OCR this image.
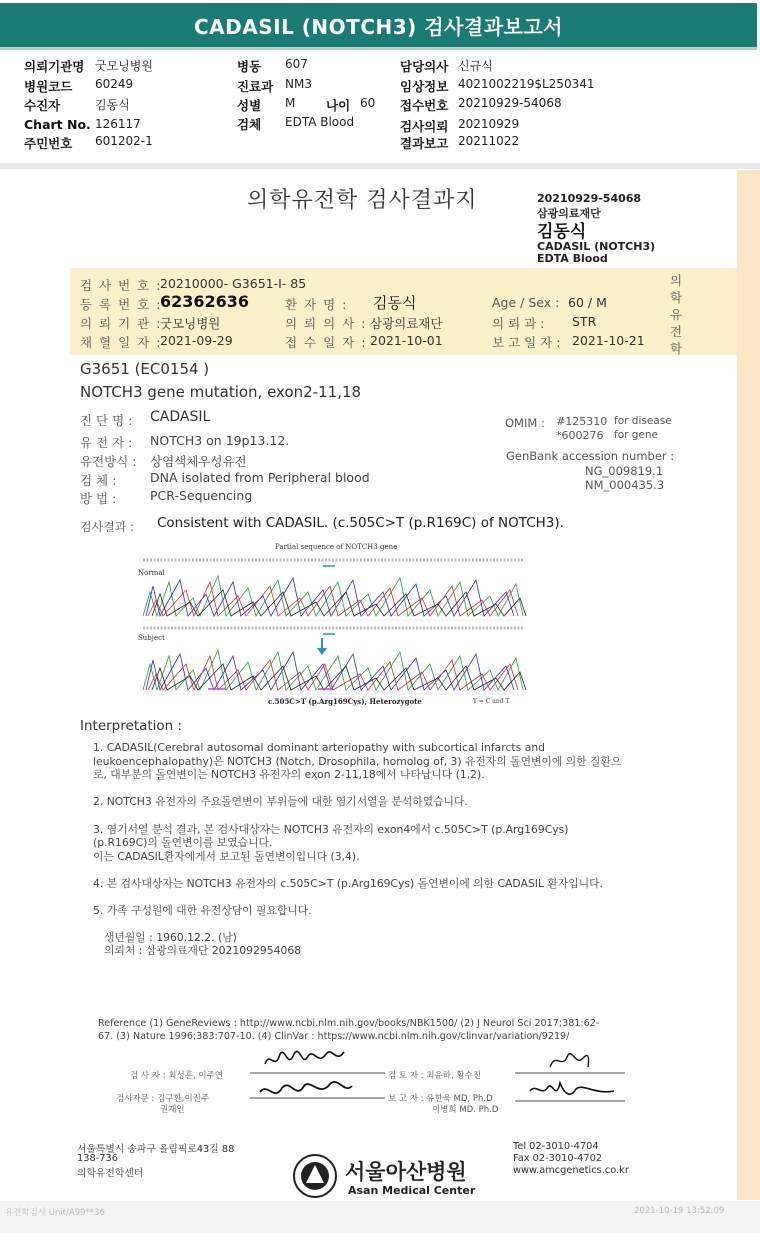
CADASIL (NOTCH3) 검사결과보고서
의뢰기관명 굿모닝병원	병동 607	담당의사 신규식
병원코드 60249	진료과 NM3	임상정보 4021002219$L250341
수진자	김동식	성별 M 나이 60 접수번호 20210929-54068
Chart No. 126117	검체 EDTA Blood	검사의뢰 20210929
주민번호 601202-1	결과보고 20211022
의학유전학 검사결과지	20210929-54068
삼광의료재단
김동식
CADASIL (NOTCH3)
EDTA Blood
의학유전학
검 사 번 호 :
20210000- G3651-I- 85
등 록 번 호 :
62362636	환 자 명 : 김동식	Age / Sex : 60 / M
의 뢰 기 관 :
굿모닝병원	의 뢰 의 사 : 삼광의료재단	의 뢰 과 : STR
채 혈 일 자 :
2021-09-29	접 수 일 자 : 2021-10-01	보 고 일 자 : 2021-10-21
G3651 (EC0154 )
NOTCH3 gene mutation, exon2-11,18
진 단 명 : CADASIL
유 전 자 : NOTCH3 on 19p13.12.
유전방식 : 상염색체우성유전
검 체 :	DNA isolated from Peripheral blood
방 법 :	PCR-Sequencing
OMIM : #125310 for disease
*600276 for gene
GenBank accession number :
NG_009819.1
NM_000435.3
검사결과 : Consistent with CADASIL. (c.505C>T (p.R169C) of NOTCH3).
Partial sequence of NOTCH3 gene
Normal
Subject
c.505C>T (p.Arg169Cys), Heterozygote	Y = C and T
Interpretation :
1. CADASIL(Cerebral autosomal dominant arteriopathy with subcortical infarcts and
leukoencephalopathy)은 NOTCH3 (Notch, Drosophila, homolog of, 3) 유전자의 돌연변이에 의한 질환으
로, 대부분의 돌연변이는 NOTCH3 유전자의 exon 2-11,18에서 나타납니다 (1,2).
2. NOTCH3 유전자의 주요돌연변이 부위들에 대한 염기서열을 분석하였습니다.
3. 염기서열 분석 결과, 본 검사대상자는 NOTCH3 유전자의 exon4에서 c.505C>T (p.Arg169Cys)
(p.R169C)의 돌연변이를 보였습니다.
이는 CADASIL환자에게서 보고된 돌연변이입니다 (3,4).
4. 본 검사대상자는 NOTCH3 유전자의 c.505C>T (p.Arg169Cys) 돌연변이에 의한 CADASIL 환자입니다.
5. 가족 구성원에 대한 유전상담이 필요합니다.
생년월일 : 1960.12.2. (남)
의뢰처 : 삼광의료재단 2021092954068
Reference (1) GeneReviews : http://www.ncbi.nlm.nih.gov/books/NBK1500/ (2) J Neurol Sci 2017;381:62-
67. (3) Nature 1996;383:707-10. (4) ClinVar : https://www.ncbi.nlm.nih.gov/clinvar/variation/9219/
검 사 자 : 최성훈, 이주연	검 토 자 : 최윤하, 황수진
검사자문 : 김구환,이진주
권재인
보 고 자 : 유한욱 MD, Ph.D
이병희 MD. Ph.D
서울특별시 송파구 올림픽로43길 88
138-736
의학유전학센터	서울아산병원
Asan Medical Center
Tel 02-3010-4704
Fax 02-3010-4702
www.amcgenetics.co.kr
유전학검사 Unit/A99**36	2021-10-19 13:52:09
